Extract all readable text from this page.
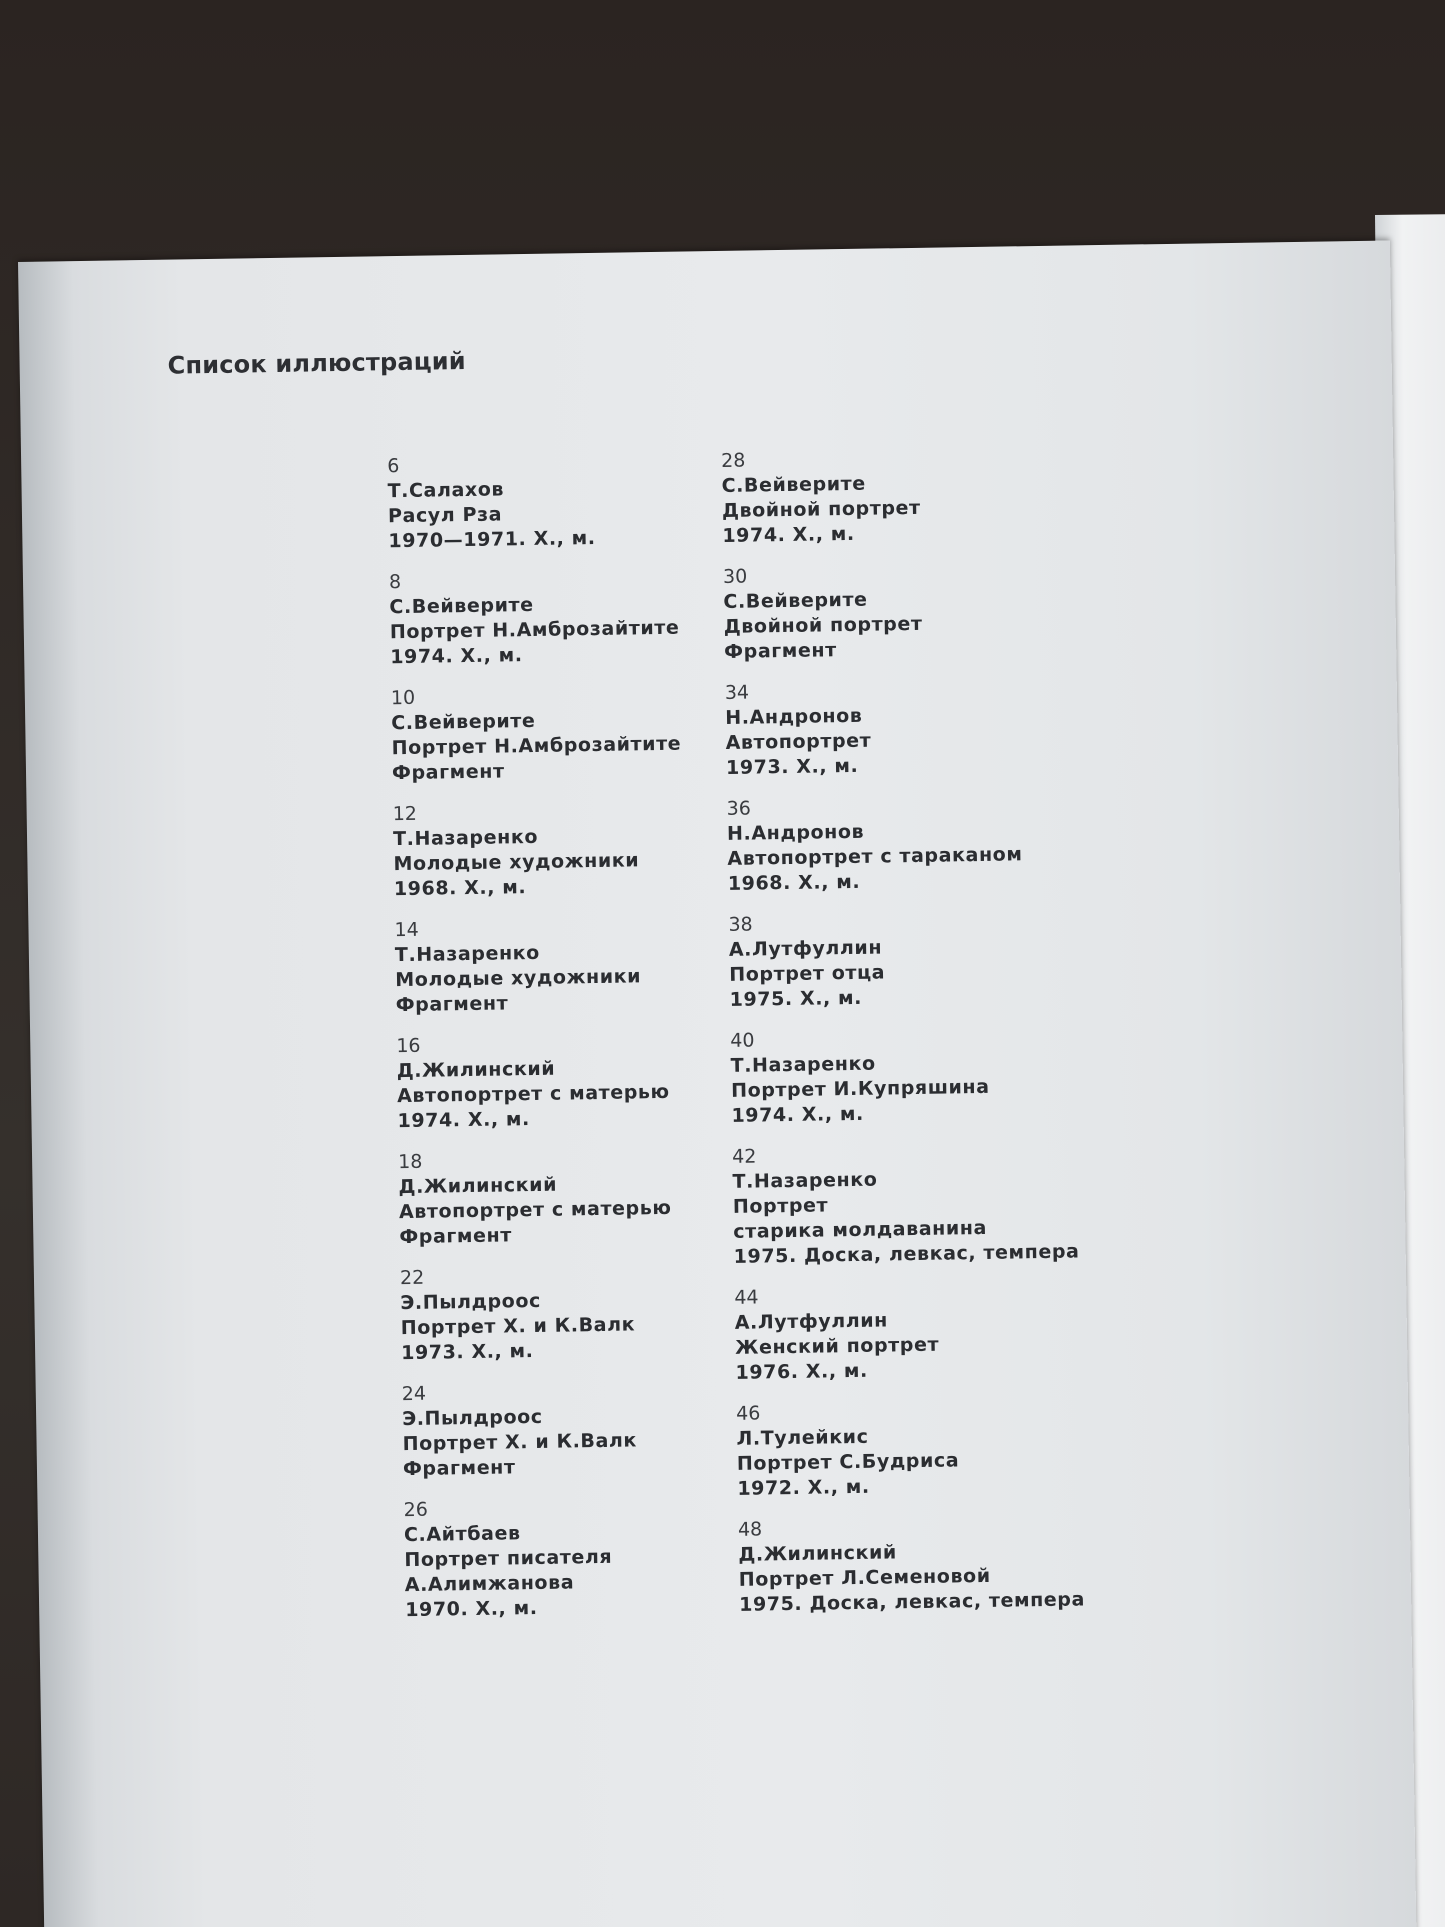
Список иллюстраций
6
Т.Салахов
Расул Рза
1970—1971. Х., м.
8
С.Вейверите
Портрет Н.Амброзайтите
1974. Х., м.
10
С.Вейверите
Портрет Н.Амброзайтите
Фрагмент
12
Т.Назаренко
Молодые художники
1968. Х., м.
14
Т.Назаренко
Молодые художники
Фрагмент
16
Д.Жилинский
Автопортрет с матерью
1974. Х., м.
18
Д.Жилинский
Автопортрет с матерью
Фрагмент
22
Э.Пылдроос
Портрет Х. и К.Валк
1973. Х., м.
24
Э.Пылдроос
Портрет Х. и К.Валк
Фрагмент
26
С.Айтбаев
Портрет писателя
А.Алимжанова
1970. Х., м.
28
С.Вейверите
Двойной портрет
1974. Х., м.
30
С.Вейверите
Двойной портрет
Фрагмент
34
Н.Андронов
Автопортрет
1973. Х., м.
36
Н.Андронов
Автопортрет с тараканом
1968. Х., м.
38
А.Лутфуллин
Портрет отца
1975. Х., м.
40
Т.Назаренко
Портрет И.Купряшина
1974. Х., м.
42
Т.Назаренко
Портрет
старика молдаванина
1975. Доска, левкас, темпера
44
А.Лутфуллин
Женский портрет
1976. Х., м.
46
Л.Тулейкис
Портрет С.Будриса
1972. Х., м.
48
Д.Жилинский
Портрет Л.Семеновой
1975. Доска, левкас, темпера
